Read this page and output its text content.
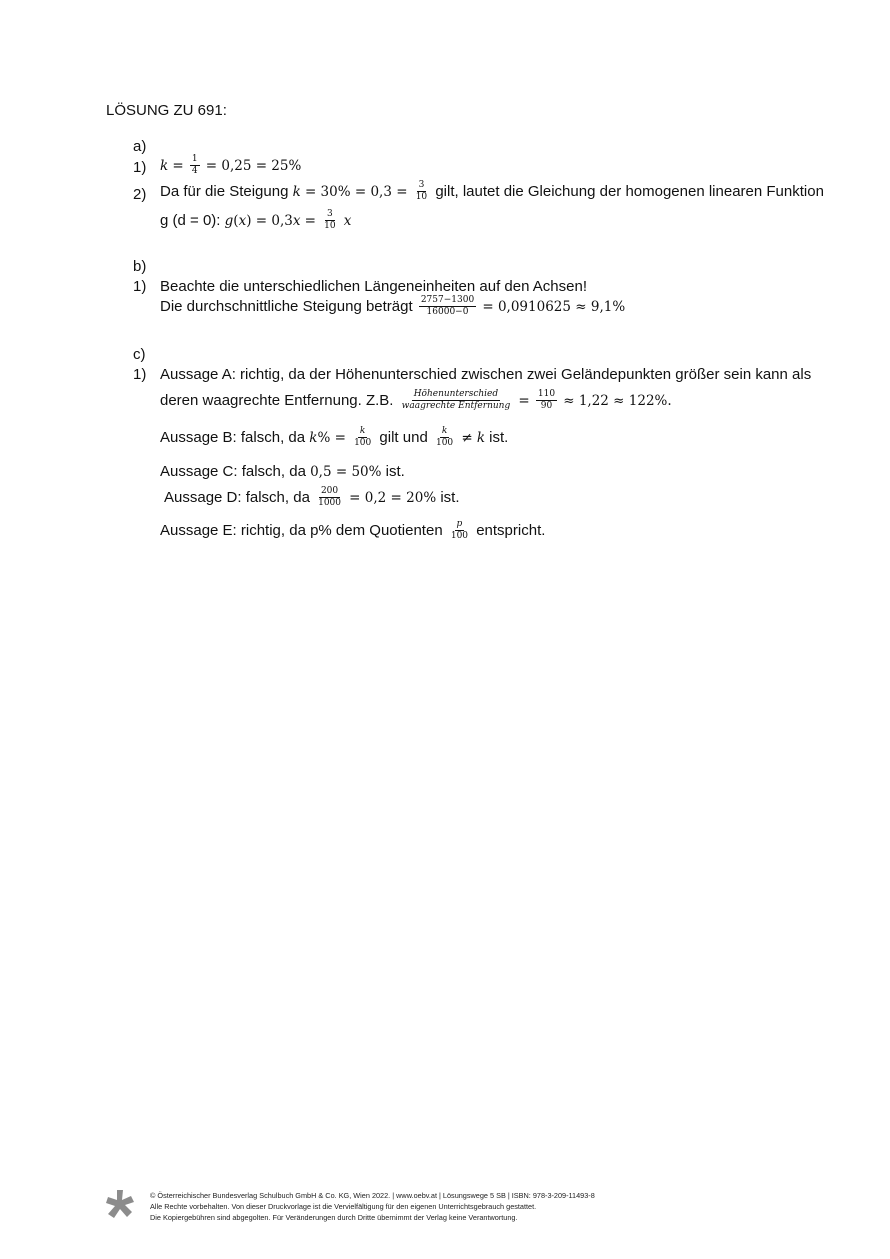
LÖSUNG ZU 691:
a)
1) $k = \frac{1}{4} = 0,25 = 25\%$
2) Da für die Steigung $k = 30\% = 0,3 = \frac{3}{10}$ gilt, lautet die Gleichung der homogenen linearen Funktion
g (d = 0): $g(x) = 0,3x = \frac{3}{10}$ x
b)
1) Beachte die unterschiedlichen Längeneinheiten auf den Achsen!
Die durchschnittliche Steigung beträgt $\frac{2757-1300}{16000-0} = 0,0910625 \approx 9,1\%$
c)
1) Aussage A: richtig, da der Höhenunterschied zwischen zwei Geländepunkten größer sein kann als
deren waagrechte Entfernung. Z.B. $\frac{\text{Höhenunterschied}}{\text{waagrechte Entfernung}} = \frac{110}{90} \approx 1,22 \approx 122\%$.
Aussage B: falsch, da $k\% = \frac{k}{100}$ gilt und $\frac{k}{100} \ne k$ ist.
Aussage C: falsch, da 0,5 = 50% ist.
Aussage D: falsch, da $\frac{200}{1000} = 0,2 = 20\%$ ist.
Aussage E: richtig, da p% dem Quotienten $\frac{p}{100}$ entspricht.
© Österreichischer Bundesverlag Schulbuch GmbH & Co. KG, Wien 2022. | www.oebv.at | Lösungswege 5 SB | ISBN: 978-3-209-11493-8
Alle Rechte vorbehalten. Von dieser Druckvorlage ist die Vervielfältigung für den eigenen Unterrichtsgebrauch gestattet.
Die Kopiergebühren sind abgegolten. Für Veränderungen durch Dritte übernimmt der Verlag keine Verantwortung.
